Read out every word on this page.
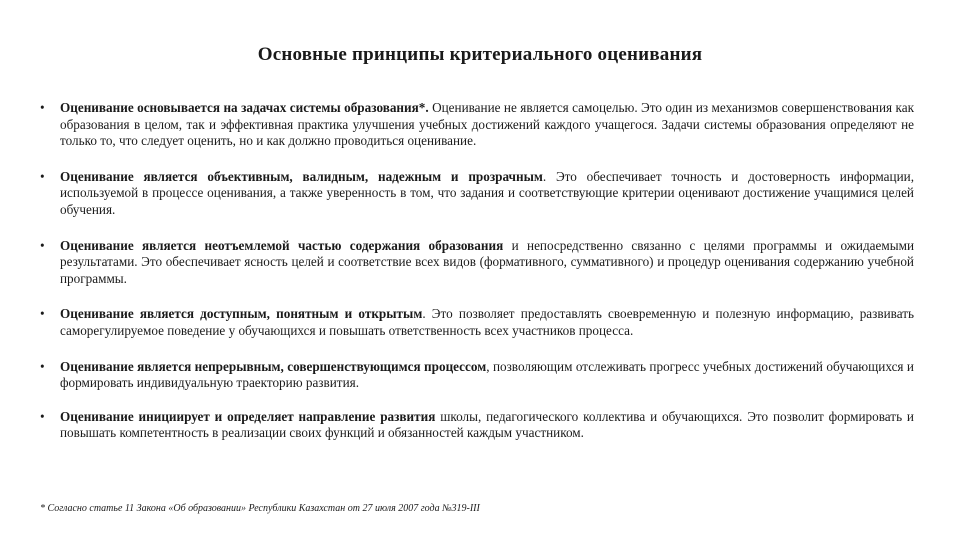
Основные принципы критериального оценивания
• Оценивание основывается на задачах системы образования*. Оценивание не является самоцелью. Это один из механизмов совершенствования как образования в целом, так и эффективная практика улучшения учебных достижений каждого учащегося. Задачи системы образования определяют не только то, что следует оценить, но и как должно проводиться оценивание.
• Оценивание является объективным, валидным, надежным и прозрачным. Это обеспечивает точность и достоверность информации, используемой в процессе оценивания, а также уверенность в том, что задания и соответствующие критерии оценивают достижение учащимися целей обучения.
• Оценивание является неотъемлемой частью содержания образования и непосредственно связанно с целями программы и ожидаемыми результатами. Это обеспечивает ясность целей и соответствие всех видов (формативного, суммативного) и процедур оценивания содержанию учебной программы.
• Оценивание является доступным, понятным и открытым. Это позволяет предоставлять своевременную и полезную информацию, развивать саморегулируемое поведение у обучающихся и повышать ответственность всех участников процесса.
• Оценивание является непрерывным, совершенствующимся процессом, позволяющим отслеживать прогресс учебных достижений обучающихся и формировать индивидуальную траекторию развития.
• Оценивание инициирует и определяет направление развития школы, педагогического коллектива и обучающихся. Это позволит формировать и повышать компетентность в реализации своих функций и обязанностей каждым участником.
* Согласно статье 11 Закона «Об образовании» Республики Казахстан от 27 июля 2007 года №319-III
